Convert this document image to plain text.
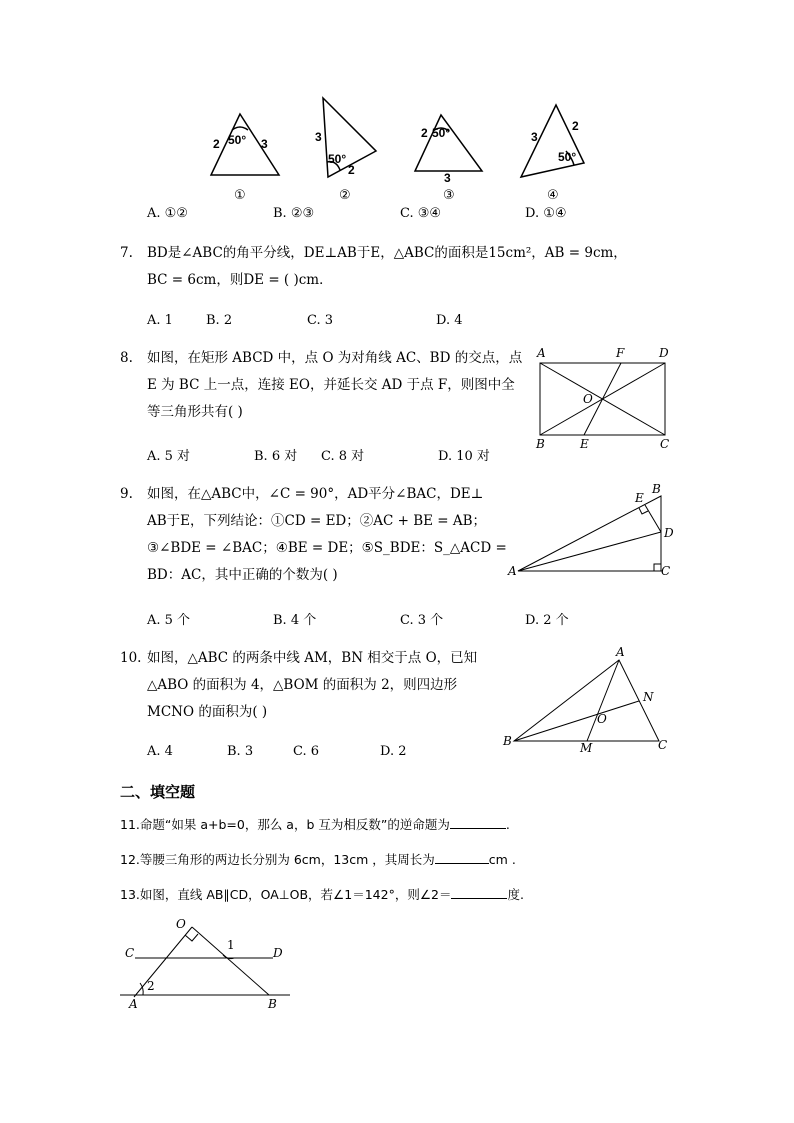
2 50° 3
①
3
50°
2
②
2 50°
3
③
3
50°
2
④
A. ①②	B. ②③	C. ③④	D. ①④
7. BD是∠ABC的角平分线，DE⊥AB于E，△ABC的面积是15cm²，AB = 9cm，
BC = 6cm，则DE = ( )cm．
A. 1	B. 2	C. 3	D. 4
8. 如图，在矩形 ABCD 中，点 O 为对角线 AC、BD 的交点，点
E 为 BC 上一点，连接 EO，并延长交 AD 于点 F，则图中全
等三角形共有( )
A. 5 对	B. 6 对 C. 8 对	D. 10 对
A	F	D
O
B	E	C
9. 如图，在△ABC中，∠C = 90°，AD平分∠BAC，DE⊥
AB于E，下列结论：①CD = ED；②AC + BE = AB；
③∠BDE = ∠BAC；④BE = DE；⑤S_BDE：S_△ACD =
BD：AC，其中正确的个数为( )
A. 5 个	B. 4 个	C. 3 个	D. 2 个
E
B
D
A	C
10. 如图，△ABC 的两条中线 AM，BN 相交于点 O，已知
△ABO 的面积为 4，△BOM 的面积为 2，则四边形
MCNO 的面积为( )
A. 4	B. 3	C. 6	D. 2
A
N
O
B	M	C
二、填空题
11.命题“如果 a+b=0，那么 a，b 互为相反数”的逆命题为	.
12.等腰三角形的两边长分别为 6cm，13cm ，其周长为	cm .
13.如图，直线 AB∥CD，OA⊥OB，若∠1＝142°，则∠2＝	度.
O
C	D
1
2
A	B
